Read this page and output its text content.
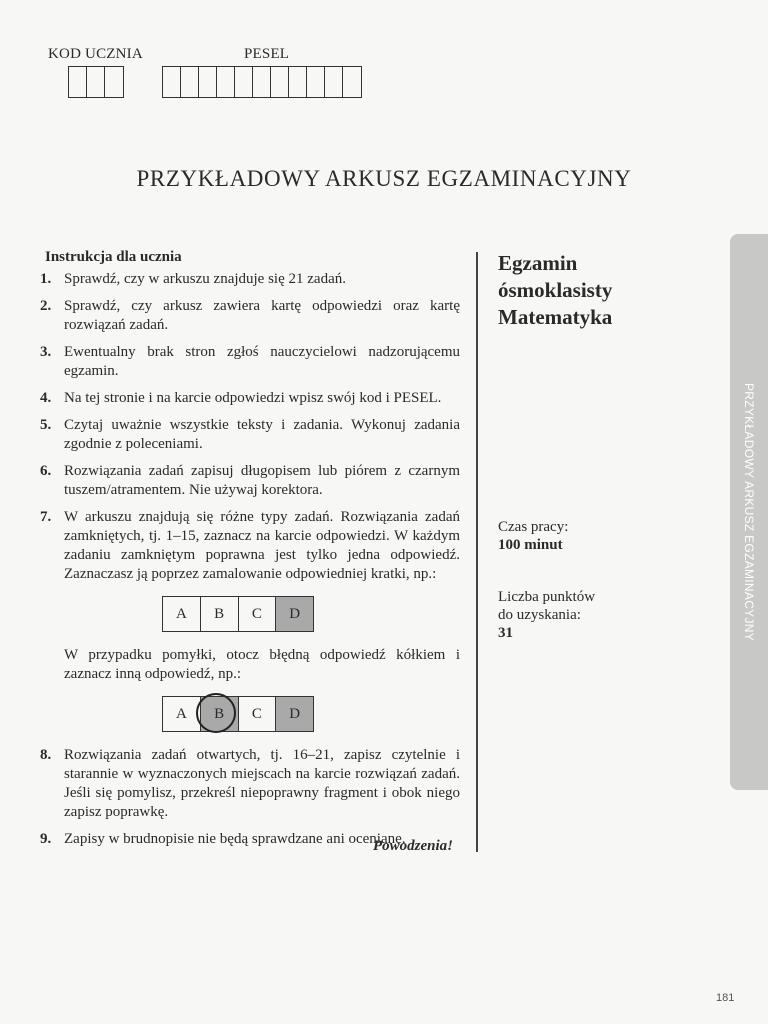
KOD UCZNIA	PESEL
PRZYKŁADOWY ARKUSZ EGZAMINACYJNY
Instrukcja dla ucznia
1. Sprawdź, czy w arkuszu znajduje się 21 zadań.
2. Sprawdź, czy arkusz zawiera kartę odpowiedzi oraz kartę rozwiązań zadań.
3. Ewentualny brak stron zgłoś nauczycielowi nadzorującemu egzamin.
4. Na tej stronie i na karcie odpowiedzi wpisz swój kod i PESEL.
5. Czytaj uważnie wszystkie teksty i zadania. Wykonuj zadania zgodnie z poleceniami.
6. Rozwiązania zadań zapisuj długopisem lub piórem z czarnym tuszem/atramentem. Nie używaj korektora.
7. W arkuszu znajdują się różne typy zadań. Rozwiązania zadań zamkniętych, tj. 1–15, zaznacz na karcie odpowiedzi. W każdym zadaniu zamkniętym poprawna jest tylko jedna odpowiedź. Zaznaczasz ją poprzez zamalowanie odpowiedniej kratki, np.:
A	B	C	D
W przypadku pomyłki, otocz błędną odpowiedź kółkiem i zaznacz inną odpowiedź, np.:
A	B	C	D
8. Rozwiązania zadań otwartych, tj. 16–21, zapisz czytelnie i starannie w wyznaczonych miejscach na karcie rozwiązań zadań. Jeśli się pomylisz, przekreśl niepoprawny fragment i obok niego zapisz poprawkę.
9. Zapisy w brudnopisie nie będą sprawdzane ani oceniane.
Powodzenia!
Egzamin
ósmoklasisty
Matematyka
Czas pracy:
100 minut
Liczba punktów
do uzyskania:
31	PRZYKŁADOWY ARKUSZ EGZAMINACYJNY
181
